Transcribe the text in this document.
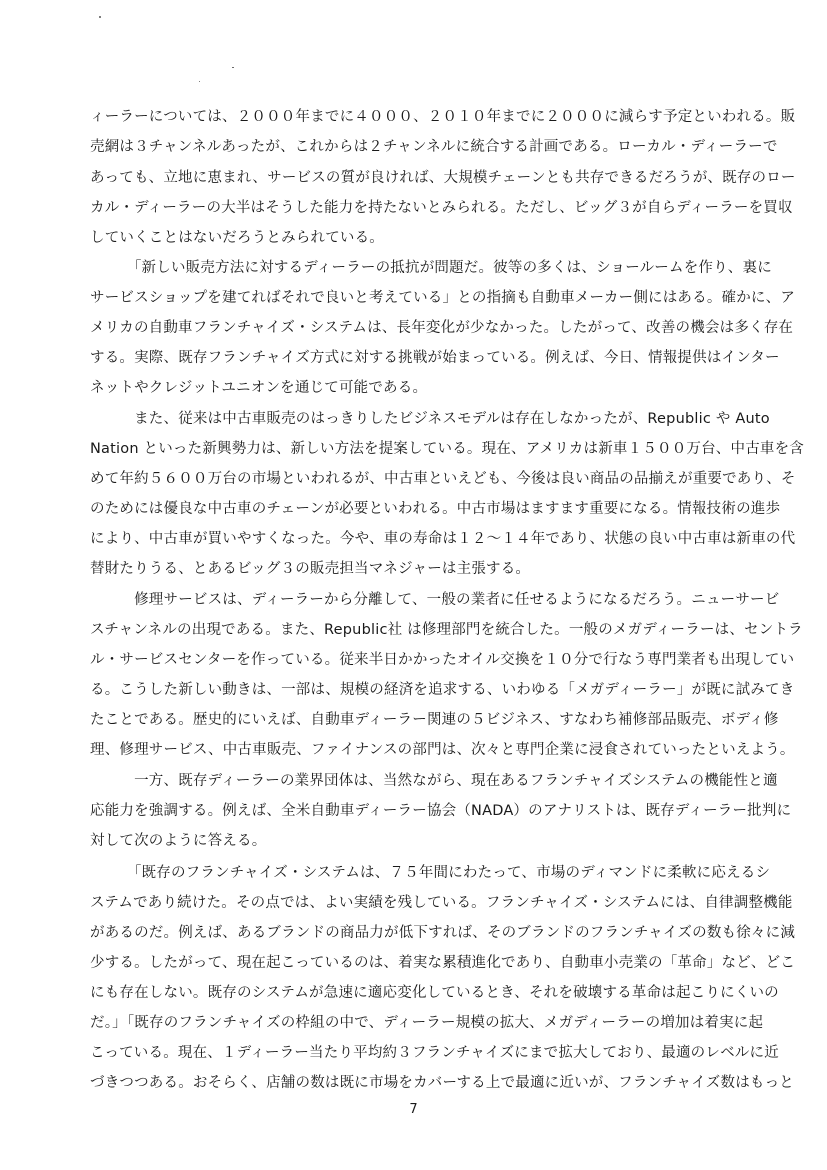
ィーラーについては、２０００年までに４０００、２０１０年までに２０００に減らす予定といわれる。販
売網は３チャンネルあったが、これからは２チャンネルに統合する計画である。ローカル・ディーラーで
あっても、立地に恵まれ、サービスの質が良ければ、大規模チェーンとも共存できるだろうが、既存のロー
カル・ディーラーの大半はそうした能力を持たないとみられる。ただし、ビッグ３が自らディーラーを買収
していくことはないだろうとみられている。
　　　「新しい販売方法に対するディーラーの抵抗が問題だ。彼等の多くは、ショールームを作り、裏に
サービスショップを建てればそれで良いと考えている」との指摘も自動車メーカー側にはある。確かに、ア
メリカの自動車フランチャイズ・システムは、長年変化が少なかった。したがって、改善の機会は多く存在
する。実際、既存フランチャイズ方式に対する挑戦が始まっている。例えば、今日、情報提供はインター
ネットやクレジットユニオンを通じて可能である。
　　　また、従来は中古車販売のはっきりしたビジネスモデルは存在しなかったが、Republic や Auto
Nation といった新興勢力は、新しい方法を提案している。現在、アメリカは新車１５００万台、中古車を含
めて年約５６００万台の市場といわれるが、中古車といえども、今後は良い商品の品揃えが重要であり、そ
のためには優良な中古車のチェーンが必要といわれる。中古市場はますます重要になる。情報技術の進歩
により、中古車が買いやすくなった。今や、車の寿命は１２～１４年であり、状態の良い中古車は新車の代
替財たりうる、とあるビッグ３の販売担当マネジャーは主張する。
　　　修理サービスは、ディーラーから分離して、一般の業者に任せるようになるだろう。ニューサービ
スチャンネルの出現である。また、Republic社 は修理部門を統合した。一般のメガディーラーは、セントラ
ル・サービスセンターを作っている。従来半日かかったオイル交換を１０分で行なう専門業者も出現してい
る。こうした新しい動きは、一部は、規模の経済を追求する、いわゆる「メガディーラー」が既に試みてき
たことである。歴史的にいえば、自動車ディーラー関連の５ビジネス、すなわち補修部品販売、ボディ修
理、修理サービス、中古車販売、ファイナンスの部門は、次々と専門企業に浸食されていったといえよう。
　　　一方、既存ディーラーの業界団体は、当然ながら、現在あるフランチャイズシステムの機能性と適
応能力を強調する。例えば、全米自動車ディーラー協会（NADA）のアナリストは、既存ディーラー批判に
対して次のように答える。
　　　「既存のフランチャイズ・システムは、７５年間にわたって、市場のディマンドに柔軟に応えるシ
ステムであり続けた。その点では、よい実績を残している。フランチャイズ・システムには、自律調整機能
があるのだ。例えば、あるブランドの商品力が低下すれば、そのブランドのフランチャイズの数も徐々に減
少する。したがって、現在起こっているのは、着実な累積進化であり、自動車小売業の「革命」など、どこ
にも存在しない。既存のシステムが急速に適応変化しているとき、それを破壊する革命は起こりにくいの
だ。」「既存のフランチャイズの枠組の中で、ディーラー規模の拡大、メガディーラーの増加は着実に起
こっている。現在、１ディーラー当たり平均約３フランチャイズにまで拡大しており、最適のレベルに近
づきつつある。おそらく、店舗の数は既に市場をカバーする上で最適に近いが、フランチャイズ数はもっと
7
